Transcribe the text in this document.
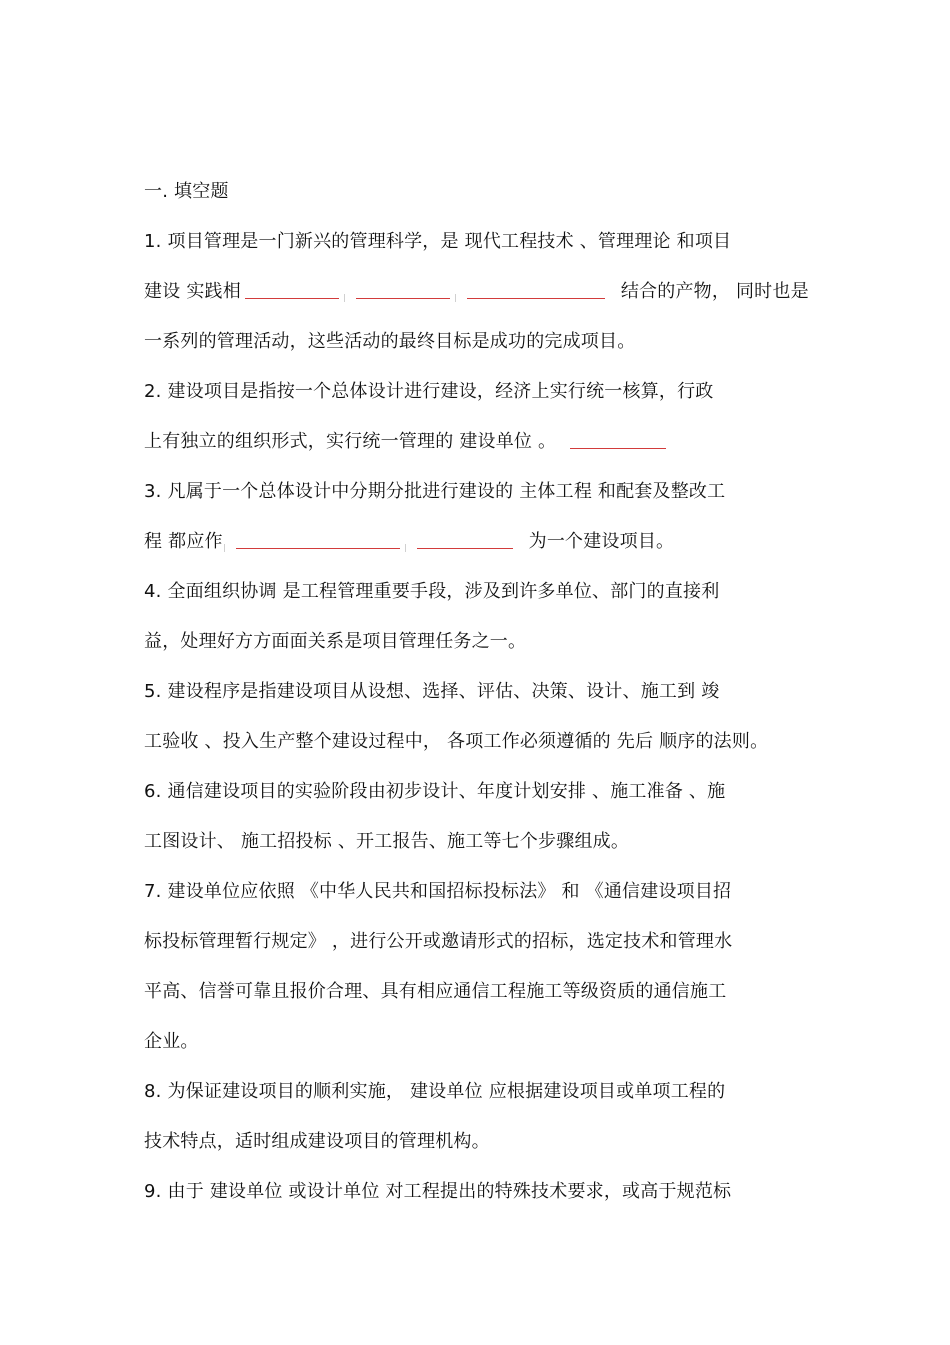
一. 填空题
1. 项目管理是一门新兴的管理科学，是 现代工程技术 、管理理论 和项目
建设 实践相	结合的产物， 同时也是
一系列的管理活动，这些活动的最终目标是成功的完成项目。
2. 建设项目是指按一个总体设计进行建设，经济上实行统一核算，行政
上有独立的组织形式，实行统一管理的 建设单位 。
3. 凡属于一个总体设计中分期分批进行建设的 主体工程 和配套及整改工
程 都应作	为一个建设项目。
4. 全面组织协调 是工程管理重要手段，涉及到许多单位、部门的直接利
益，处理好方方面面关系是项目管理任务之一。
5. 建设程序是指建设项目从设想、选择、评估、决策、设计、施工到 竣
工验收 、投入生产整个建设过程中， 各项工作必须遵循的 先后 顺序的法则。
6. 通信建设项目的实验阶段由初步设计、年度计划安排 、施工准备 、施
工图设计、 施工招投标 、开工报告、施工等七个步骤组成。
7. 建设单位应依照 《中华人民共和国招标投标法》 和 《通信建设项目招
标投标管理暂行规定》 ，进行公开或邀请形式的招标，选定技术和管理水
平高、信誉可靠且报价合理、具有相应通信工程施工等级资质的通信施工
企业。
8. 为保证建设项目的顺利实施， 建设单位 应根据建设项目或单项工程的
技术特点，适时组成建设项目的管理机构。
9. 由于 建设单位 或设计单位 对工程提出的特殊技术要求，或高于规范标
